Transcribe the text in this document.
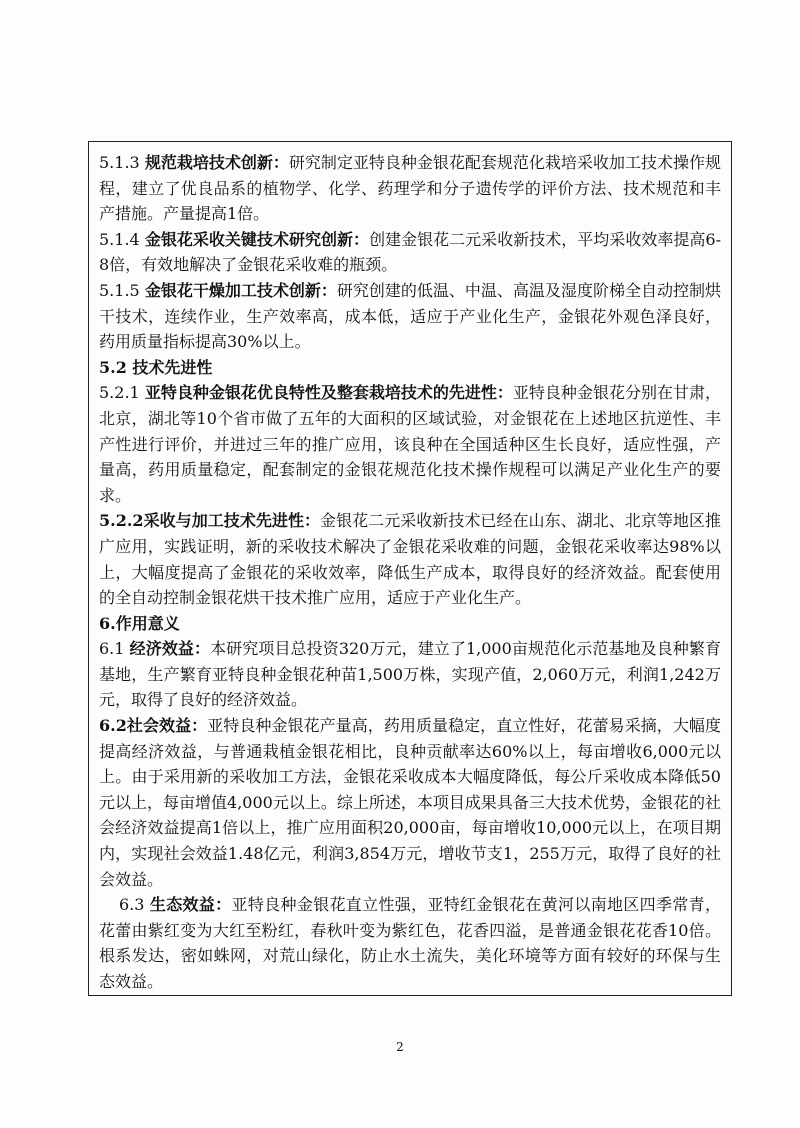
5.1.3 规范栽培技术创新：研究制定亚特良种金银花配套规范化栽培采收加工技术操作规程，建立了优良品系的植物学、化学、药理学和分子遗传学的评价方法、技术规范和丰产措施。产量提高1倍。

5.1.4 金银花采收关键技术研究创新：创建金银花二元采收新技术，平均采收效率提高6-8倍，有效地解决了金银花采收难的瓶颈。

5.1.5 金银花干燥加工技术创新：研究创建的低温、中温、高温及湿度阶梯全自动控制烘干技术，连续作业，生产效率高，成本低，适应于产业化生产，金银花外观色泽良好，药用质量指标提高30%以上。

5.2 技术先进性

5.2.1 亚特良种金银花优良特性及整套栽培技术的先进性：亚特良种金银花分别在甘肃，北京，湖北等10个省市做了五年的大面积的区域试验，对金银花在上述地区抗逆性、丰产性进行评价，并进过三年的推广应用，该良种在全国适种区生长良好，适应性强，产量高，药用质量稳定，配套制定的金银花规范化技术操作规程可以满足产业化生产的要求。

5.2.2采收与加工技术先进性：金银花二元采收新技术已经在山东、湖北、北京等地区推广应用，实践证明，新的采收技术解决了金银花采收难的问题，金银花采收率达98%以上，大幅度提高了金银花的采收效率，降低生产成本，取得良好的经济效益。配套使用的全自动控制金银花烘干技术推广应用，适应于产业化生产。

6.作用意义

6.1 经济效益：本研究项目总投资320万元，建立了1,000亩规范化示范基地及良种繁育基地，生产繁育亚特良种金银花种苗1,500万株，实现产值，2,060万元，利润1,242万元，取得了良好的经济效益。

6.2社会效益：亚特良种金银花产量高，药用质量稳定，直立性好，花蕾易采摘，大幅度提高经济效益，与普通栽植金银花相比，良种贡献率达60%以上，每亩增收6,000元以上。由于采用新的采收加工方法，金银花采收成本大幅度降低，每公斤采收成本降低50元以上，每亩增值4,000元以上。综上所述，本项目成果具备三大技术优势，金银花的社会经济效益提高1倍以上，推广应用面积20,000亩，每亩增收10,000元以上，在项目期内，实现社会效益1.48亿元，利润3,854万元，增收节支1，255万元，取得了良好的社会效益。

6.3 生态效益：亚特良种金银花直立性强，亚特红金银花在黄河以南地区四季常青，花蕾由紫红变为大红至粉红，春秋叶变为紫红色，花香四溢，是普通金银花花香10倍。根系发达，密如蛛网，对荒山绿化，防止水土流失，美化环境等方面有较好的环保与生态效益。

2
